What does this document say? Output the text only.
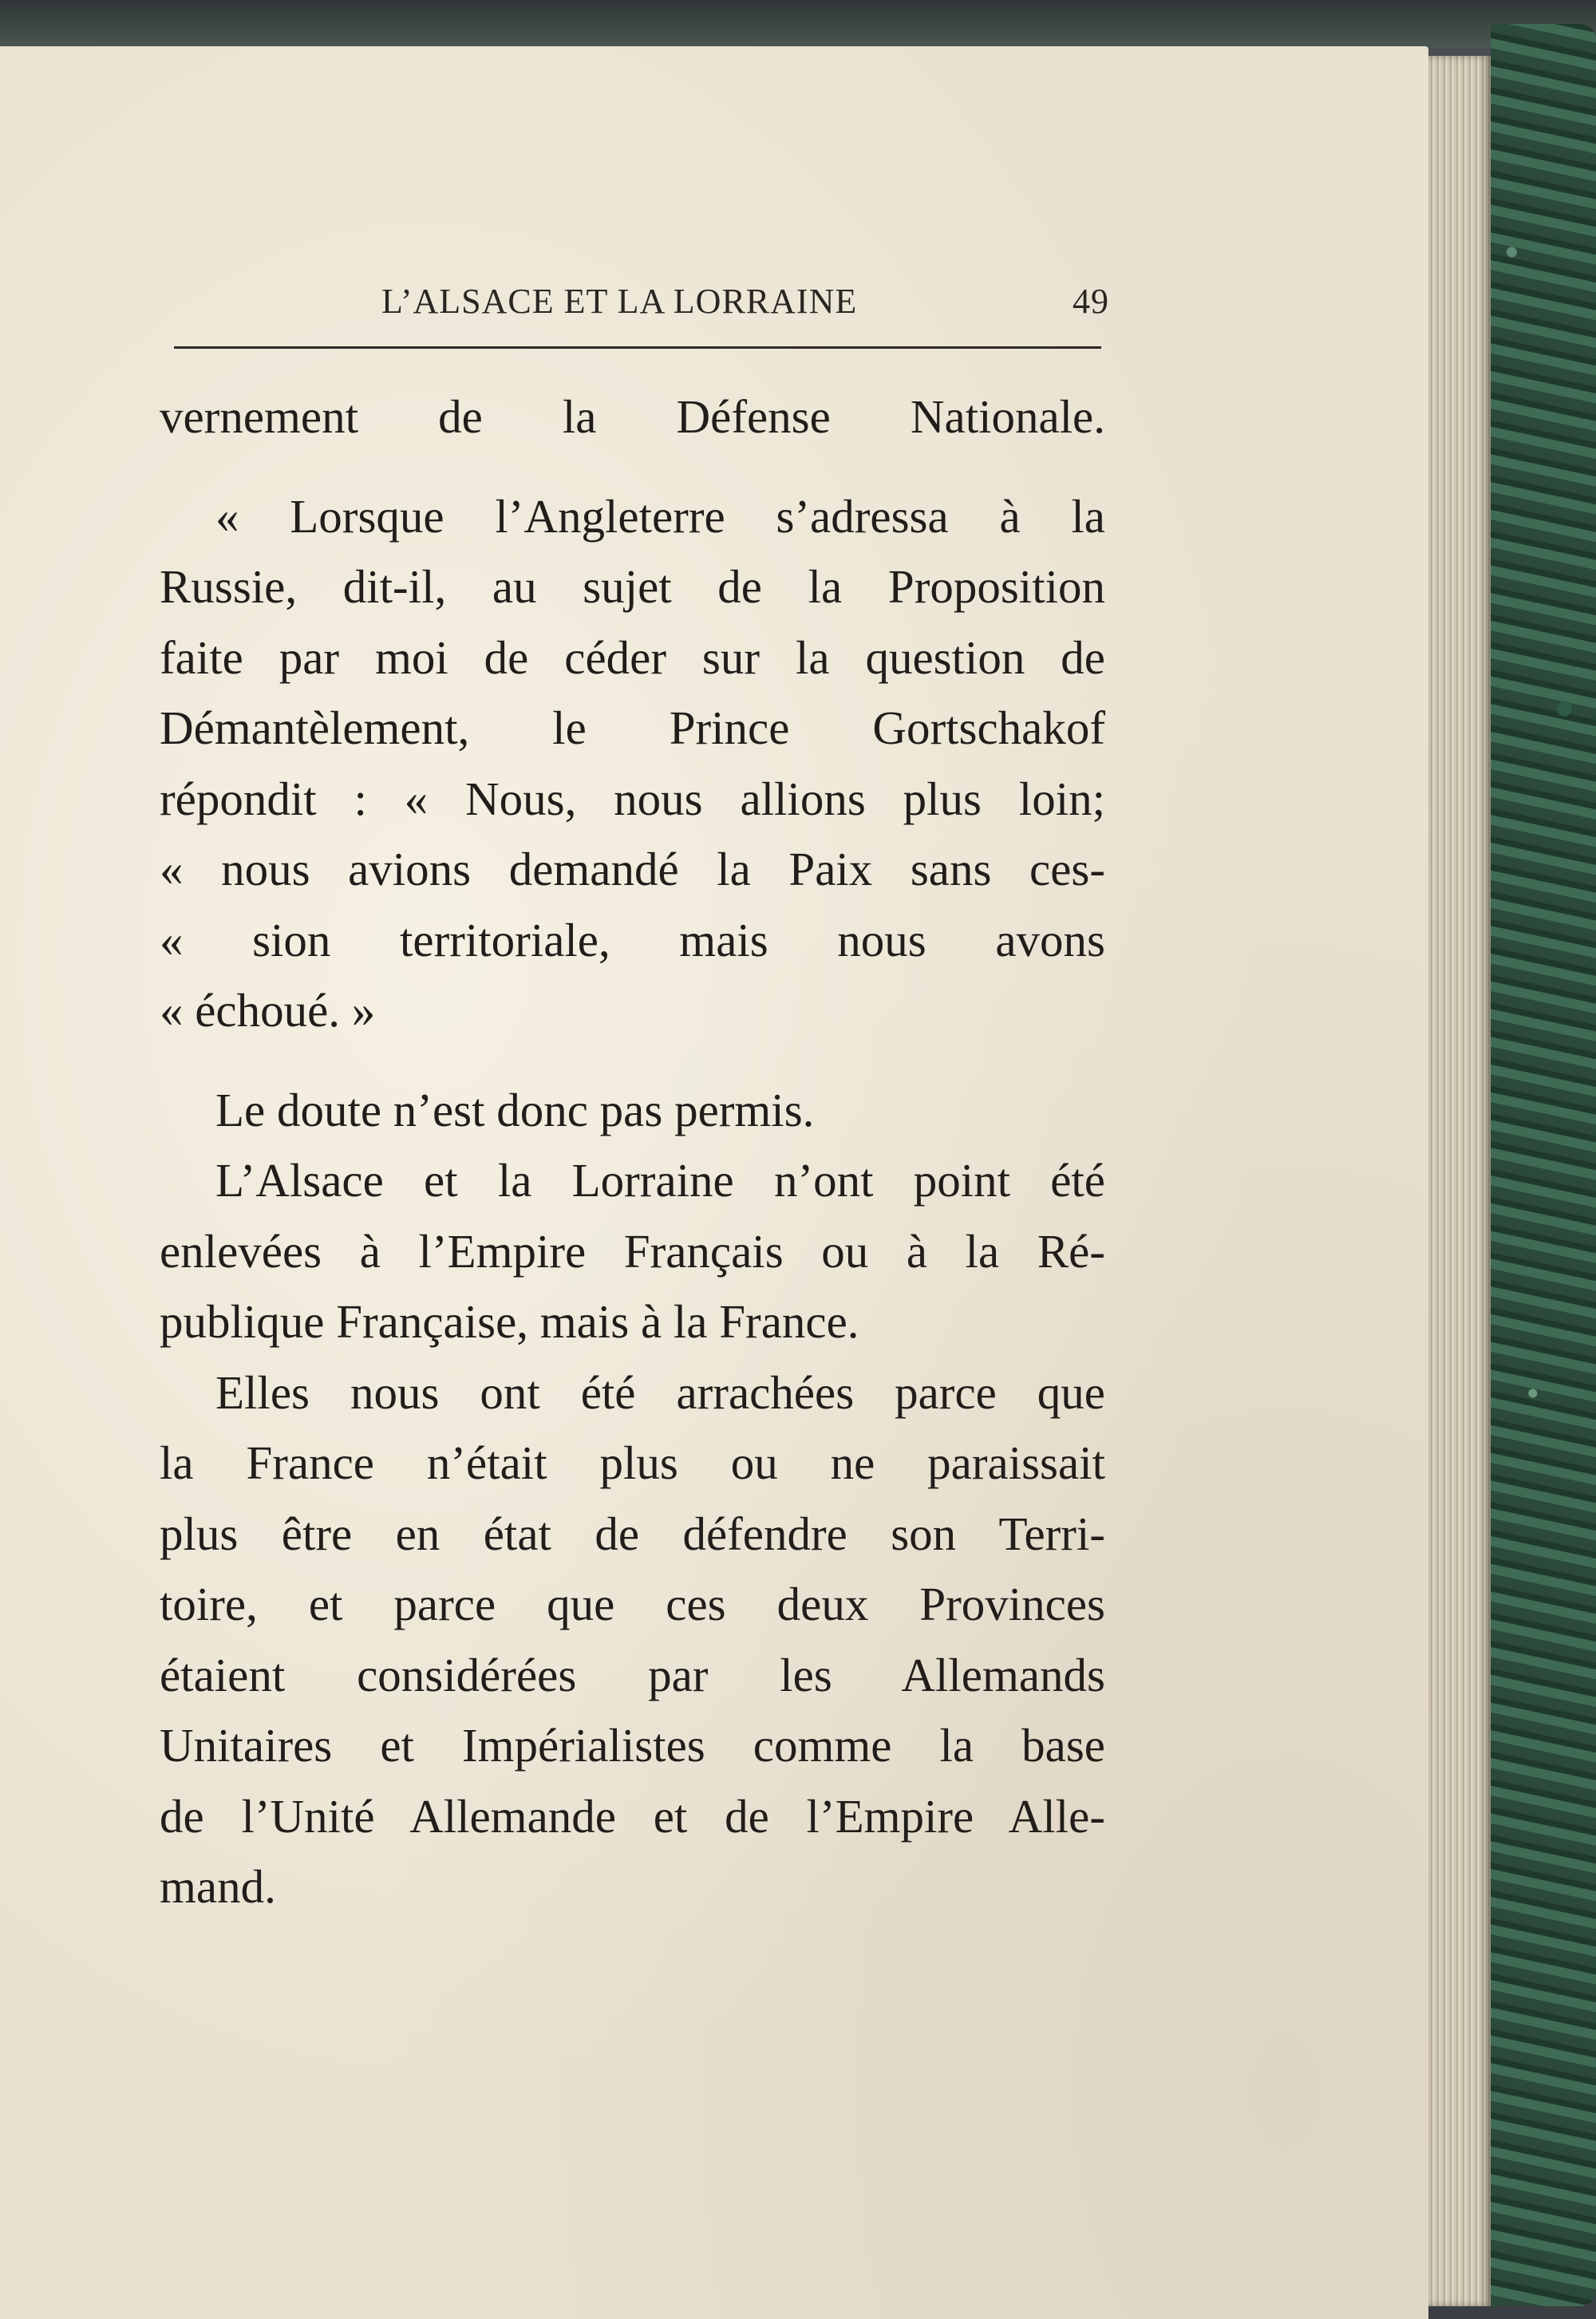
L’ALSACE ET LA LORRAINE	49
vernement de la Défense Nationale.
« Lorsque l’Angleterre s’adressa à la
Russie, dit-il, au sujet de la Proposition
faite par moi de céder sur la question de
Démantèlement, le Prince Gortschakof
répondit : « Nous, nous allions plus loin;
« nous avions demandé la Paix sans ces-
« sion territoriale, mais nous avons
« échoué. »
Le doute n’est donc pas permis.
L’Alsace et la Lorraine n’ont point été
enlevées à l’Empire Français ou à la Ré-
publique Française, mais à la France.
Elles nous ont été arrachées parce que
la France n’était plus ou ne paraissait
plus être en état de défendre son Terri-
toire, et parce que ces deux Provinces
étaient considérées par les Allemands
Unitaires et Impérialistes comme la base
de l’Unité Allemande et de l’Empire Alle-
mand.
